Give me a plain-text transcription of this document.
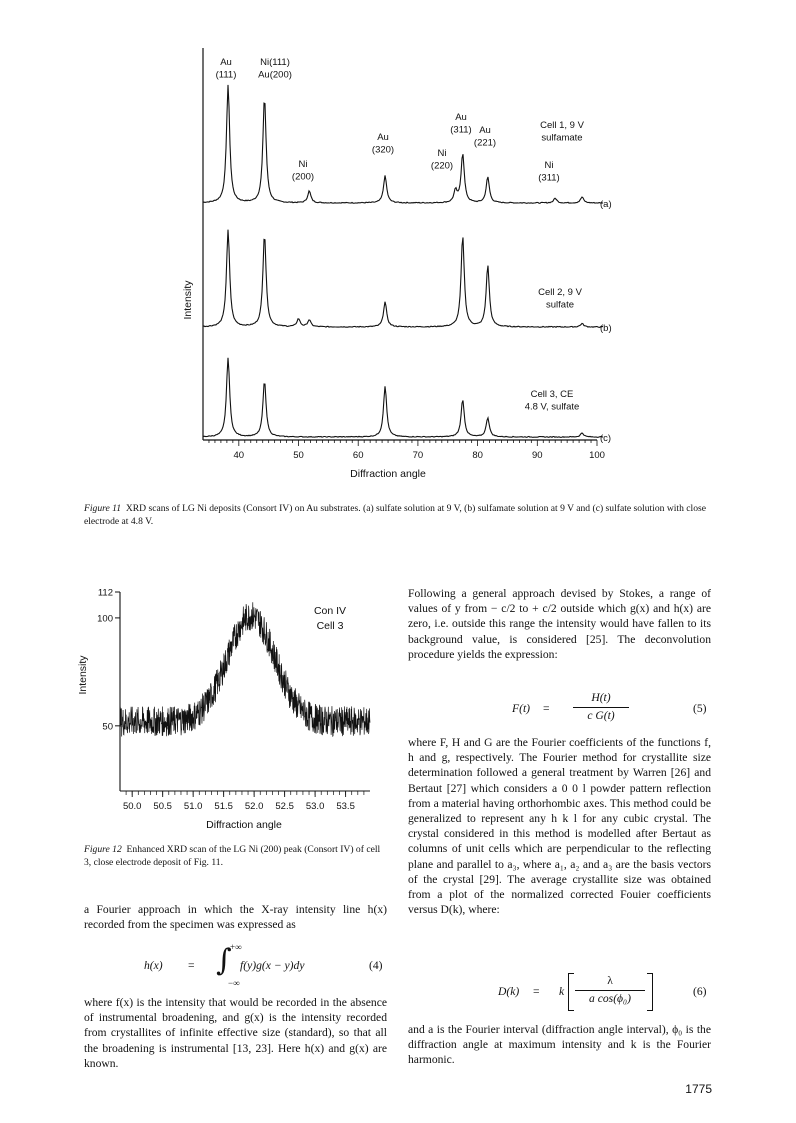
40	50	60	70	80	90	100
Au
(111)
Ni(111)
Au(200)
Ni
(200)
Au
(320)	Ni
(220)
Au
(311) Au
(221)
Ni
(311)
(a)
Cell 1, 9 V
sulfamate
(b)
Cell 2, 9 V
sulfate
(c)
Cell 3, CE
4.8 V, sulfate
Intensity
Diffraction angle
Figure 11 XRD scans of LG Ni deposits (Consort IV) on Au substrates. (a) sulfate solution at 9 V, (b) sulfamate solution at 9 V and (c) sulfate solution with close electrode at 4.8 V.
50
100
112
50.0 50.5 51.0 51.5 52.0 52.5 53.0 53.5
Con IV
Cell 3
Intensity
Diffraction angle
Figure 12 Enhanced XRD scan of the LG Ni (200) peak (Consort IV) of cell 3, close electrode deposit of Fig. 11.
a Fourier approach in which the X-ray intensity line h(x) recorded from the specimen was expressed as
h(x) = ∫
+∞
−∞
f(y)g(x − y)dy	(4)
where f(x) is the intensity that would be recorded in the absence of instrumental broadening, and g(x) is the intensity recorded from crystallites of infinite effective size (standard), so that all the broadening is instrumental [13, 23]. Here h(x) and g(x) are known.
Following a general approach devised by Stokes, a range of values of y from − c/2 to + c/2 outside which g(x) and h(x) are zero, i.e. outside this range the intensity would have fallen to its background value, is considered [25]. The deconvolution procedure yields the expression:
F(t) =
H(t)
c G(t)
(5)
where F, H and G are the Fourier coefficients of the functions f, h and g, respectively. The Fourier method for crystallite size determination followed a general treatment by Warren [26] and Bertaut [27] which considers a 0 0 l powder pattern reflection from a material having orthorhombic axes. This method could be generalized to represent any h k l for any cubic crystal. The crystal considered in this method is modelled after Bertaut as columns of unit cells which are perpendicular to the reflecting plane and parallel to a₃, where a₁, a₂ and a₃ are the basis vectors of the crystal [29]. The average crystallite size was obtained from a plot of the normalized corrected Fouier coefficients versus D(k), where:
D(k) = k
λ
a cos(ϕ₀)
(6)
and a is the Fourier interval (diffraction angle interval), ϕ₀ is the diffraction angle at maximum intensity and k is the Fourier harmonic.
1775
